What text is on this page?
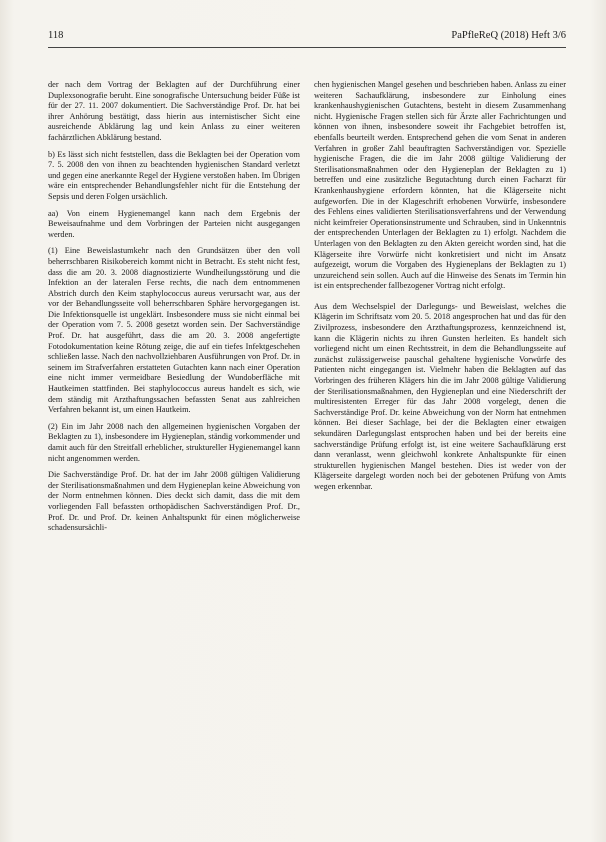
118	PaPfleReQ (2018) Heft 3/6

der nach dem Vortrag der Beklagten auf der Durchführung einer Duplexsonografie beruht. Eine sonografische Untersuchung beider Füße ist für der 27. 11. 2007 dokumentiert. Die Sachverständige Prof. Dr. hat bei ihrer Anhörung bestätigt, dass hierin aus internistischer Sicht eine ausreichende Abklärung lag und kein Anlass zu einer weiteren fachärztlichen Abklärung bestand.

b) Es lässt sich nicht feststellen, dass die Beklagten bei der Operation vom 7. 5. 2008 den von ihnen zu beachtenden hygienischen Standard verletzt und gegen eine anerkannte Regel der Hygiene verstoßen haben. Im Übrigen wäre ein entsprechender Behandlungsfehler nicht für die Entstehung der Sepsis und deren Folgen ursächlich.

aa) Von einem Hygienemangel kann nach dem Ergebnis der Beweisaufnahme und dem Vorbringen der Parteien nicht ausgegangen werden.

(1) Eine Beweislastumkehr nach den Grundsätzen über den voll beherrschbaren Risikobereich kommt nicht in Betracht. Es steht nicht fest, dass die am 20. 3. 2008 diagnostizierte Wundheilungsstörung und die Infektion an der lateralen Ferse rechts, die nach dem entnommenen Abstrich durch den Keim staphylococcus aureus verursacht war, aus der vor der Behandlungsseite voll beherrschbaren Sphäre hervorgegangen ist. Die Infektionsquelle ist ungeklärt. Insbesondere muss sie nicht einmal bei der Operation vom 7. 5. 2008 gesetzt worden sein. Der Sachverständige Prof. Dr. hat ausgeführt, dass die am 20. 3. 2008 angefertigte Fotodokumentation keine Rötung zeige, die auf ein tiefes Infektgeschehen schließen lasse. Nach den nachvollziehbaren Ausführungen von Prof. Dr. in seinem im Strafverfahren erstatteten Gutachten kann nach einer Operation eine nicht immer vermeidbare Besiedlung der Wundoberfläche mit Hautkeimen stattfinden. Bei staphylococcus aureus handelt es sich, wie dem ständig mit Arzthaftungssachen befassten Senat aus zahlreichen Verfahren bekannt ist, um einen Hautkeim.

(2) Ein im Jahr 2008 nach den allgemeinen hygienischen Vorgaben der Beklagten zu 1), insbesondere im Hygieneplan, ständig vorkommender und damit auch für den Streitfall erheblicher, struktureller Hygienemangel kann nicht angenommen werden.

Die Sachverständige Prof. Dr. hat der im Jahr 2008 gültigen Validierung der Sterilisationsmaßnahmen und dem Hygieneplan keine Abweichung von der Norm entnehmen können. Dies deckt sich damit, dass die mit dem vorliegenden Fall befassten orthopädischen Sachverständigen Prof. Dr., Prof. Dr. und Prof. Dr. keinen Anhaltspunkt für einen möglicherweise schadensursächli-

chen hygienischen Mangel gesehen und beschrieben haben. Anlass zu einer weiteren Sachaufklärung, insbesondere zur Einholung eines krankenhaushygienischen Gutachtens, besteht in diesem Zusammenhang nicht. Hygienische Fragen stellen sich für Ärzte aller Fachrichtungen und können von ihnen, insbesondere soweit ihr Fachgebiet betroffen ist, ebenfalls beurteilt werden. Entsprechend gehen die vom Senat in anderen Verfahren in großer Zahl beauftragten Sachverständigen vor. Spezielle hygienische Fragen, die die im Jahr 2008 gültige Validierung der Sterilisationsmaßnahmen oder den Hygieneplan der Beklagten zu 1) betreffen und eine zusätzliche Begutachtung durch einen Facharzt für Krankenhaushygiene erfordern könnten, hat die Klägerseite nicht aufgeworfen. Die in der Klageschrift erhobenen Vorwürfe, insbesondere des Fehlens eines validierten Sterilisationsverfahrens und der Verwendung nicht keimfreier Operationsinstrumente und Schrauben, sind in Unkenntnis der entsprechenden Unterlagen der Beklagten zu 1) erfolgt. Nachdem die Unterlagen von den Beklagten zu den Akten gereicht worden sind, hat die Klägerseite ihre Vorwürfe nicht konkretisiert und nicht im Ansatz aufgezeigt, worum die Vorgaben des Hygieneplans der Beklagten zu 1) unzureichend sein sollen. Auch auf die Hinweise des Senats im Termin hin ist ein entsprechender fallbezogener Vortrag nicht erfolgt.

Aus dem Wechselspiel der Darlegungs- und Beweislast, welches die Klägerin im Schriftsatz vom 20. 5. 2018 angesprochen hat und das für den Zivilprozess, insbesondere den Arzthaftungsprozess, kennzeichnend ist, kann die Klägerin nichts zu ihren Gunsten herleiten. Es handelt sich vorliegend nicht um einen Rechtsstreit, in dem die Behandlungsseite auf zunächst zulässigerweise pauschal gehaltene hygienische Vorwürfe des Patienten nicht eingegangen ist. Vielmehr haben die Beklagten auf das Vorbringen des früheren Klägers hin die im Jahr 2008 gültige Validierung der Sterilisationsmaßnahmen, den Hygieneplan und eine Niederschrift der multiresistenten Erreger für das Jahr 2008 vorgelegt, denen die Sachverständige Prof. Dr. keine Abweichung von der Norm hat entnehmen können. Bei dieser Sachlage, bei der die Beklagten einer etwaigen sekundären Darlegungslast entsprochen haben und bei der bereits eine sachverständige Prüfung erfolgt ist, ist eine weitere Sachaufklärung erst dann veranlasst, wenn gleichwohl konkrete Anhaltspunkte für einen strukturellen hygienischen Mangel bestehen. Dies ist weder von der Klägerseite dargelegt worden noch bei der gebotenen Prüfung von Amts wegen erkennbar.
